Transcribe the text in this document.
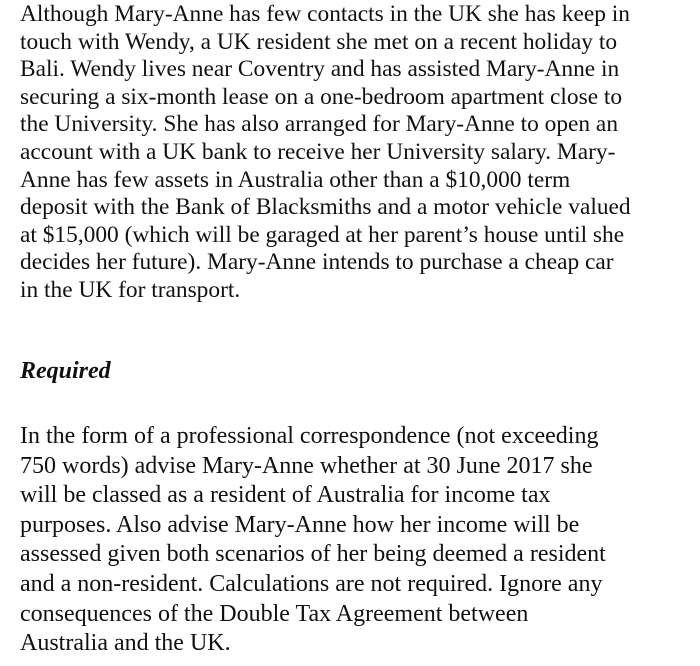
Although Mary-Anne has few contacts in the UK she has keep in
touch with Wendy, a UK resident she met on a recent holiday to
Bali. Wendy lives near Coventry and has assisted Mary-Anne in
securing a six-month lease on a one-bedroom apartment close to
the University. She has also arranged for Mary-Anne to open an
account with a UK bank to receive her University salary. Mary-
Anne has few assets in Australia other than a $10,000 term
deposit with the Bank of Blacksmiths and a motor vehicle valued
at $15,000 (which will be garaged at her parent’s house until she
decides her future). Mary-Anne intends to purchase a cheap car
in the UK for transport.
Required
In the form of a professional correspondence (not exceeding
750 words) advise Mary-Anne whether at 30 June 2017 she
will be classed as a resident of Australia for income tax
purposes. Also advise Mary-Anne how her income will be
assessed given both scenarios of her being deemed a resident
and a non-resident. Calculations are not required. Ignore any
consequences of the Double Tax Agreement between
Australia and the UK.
